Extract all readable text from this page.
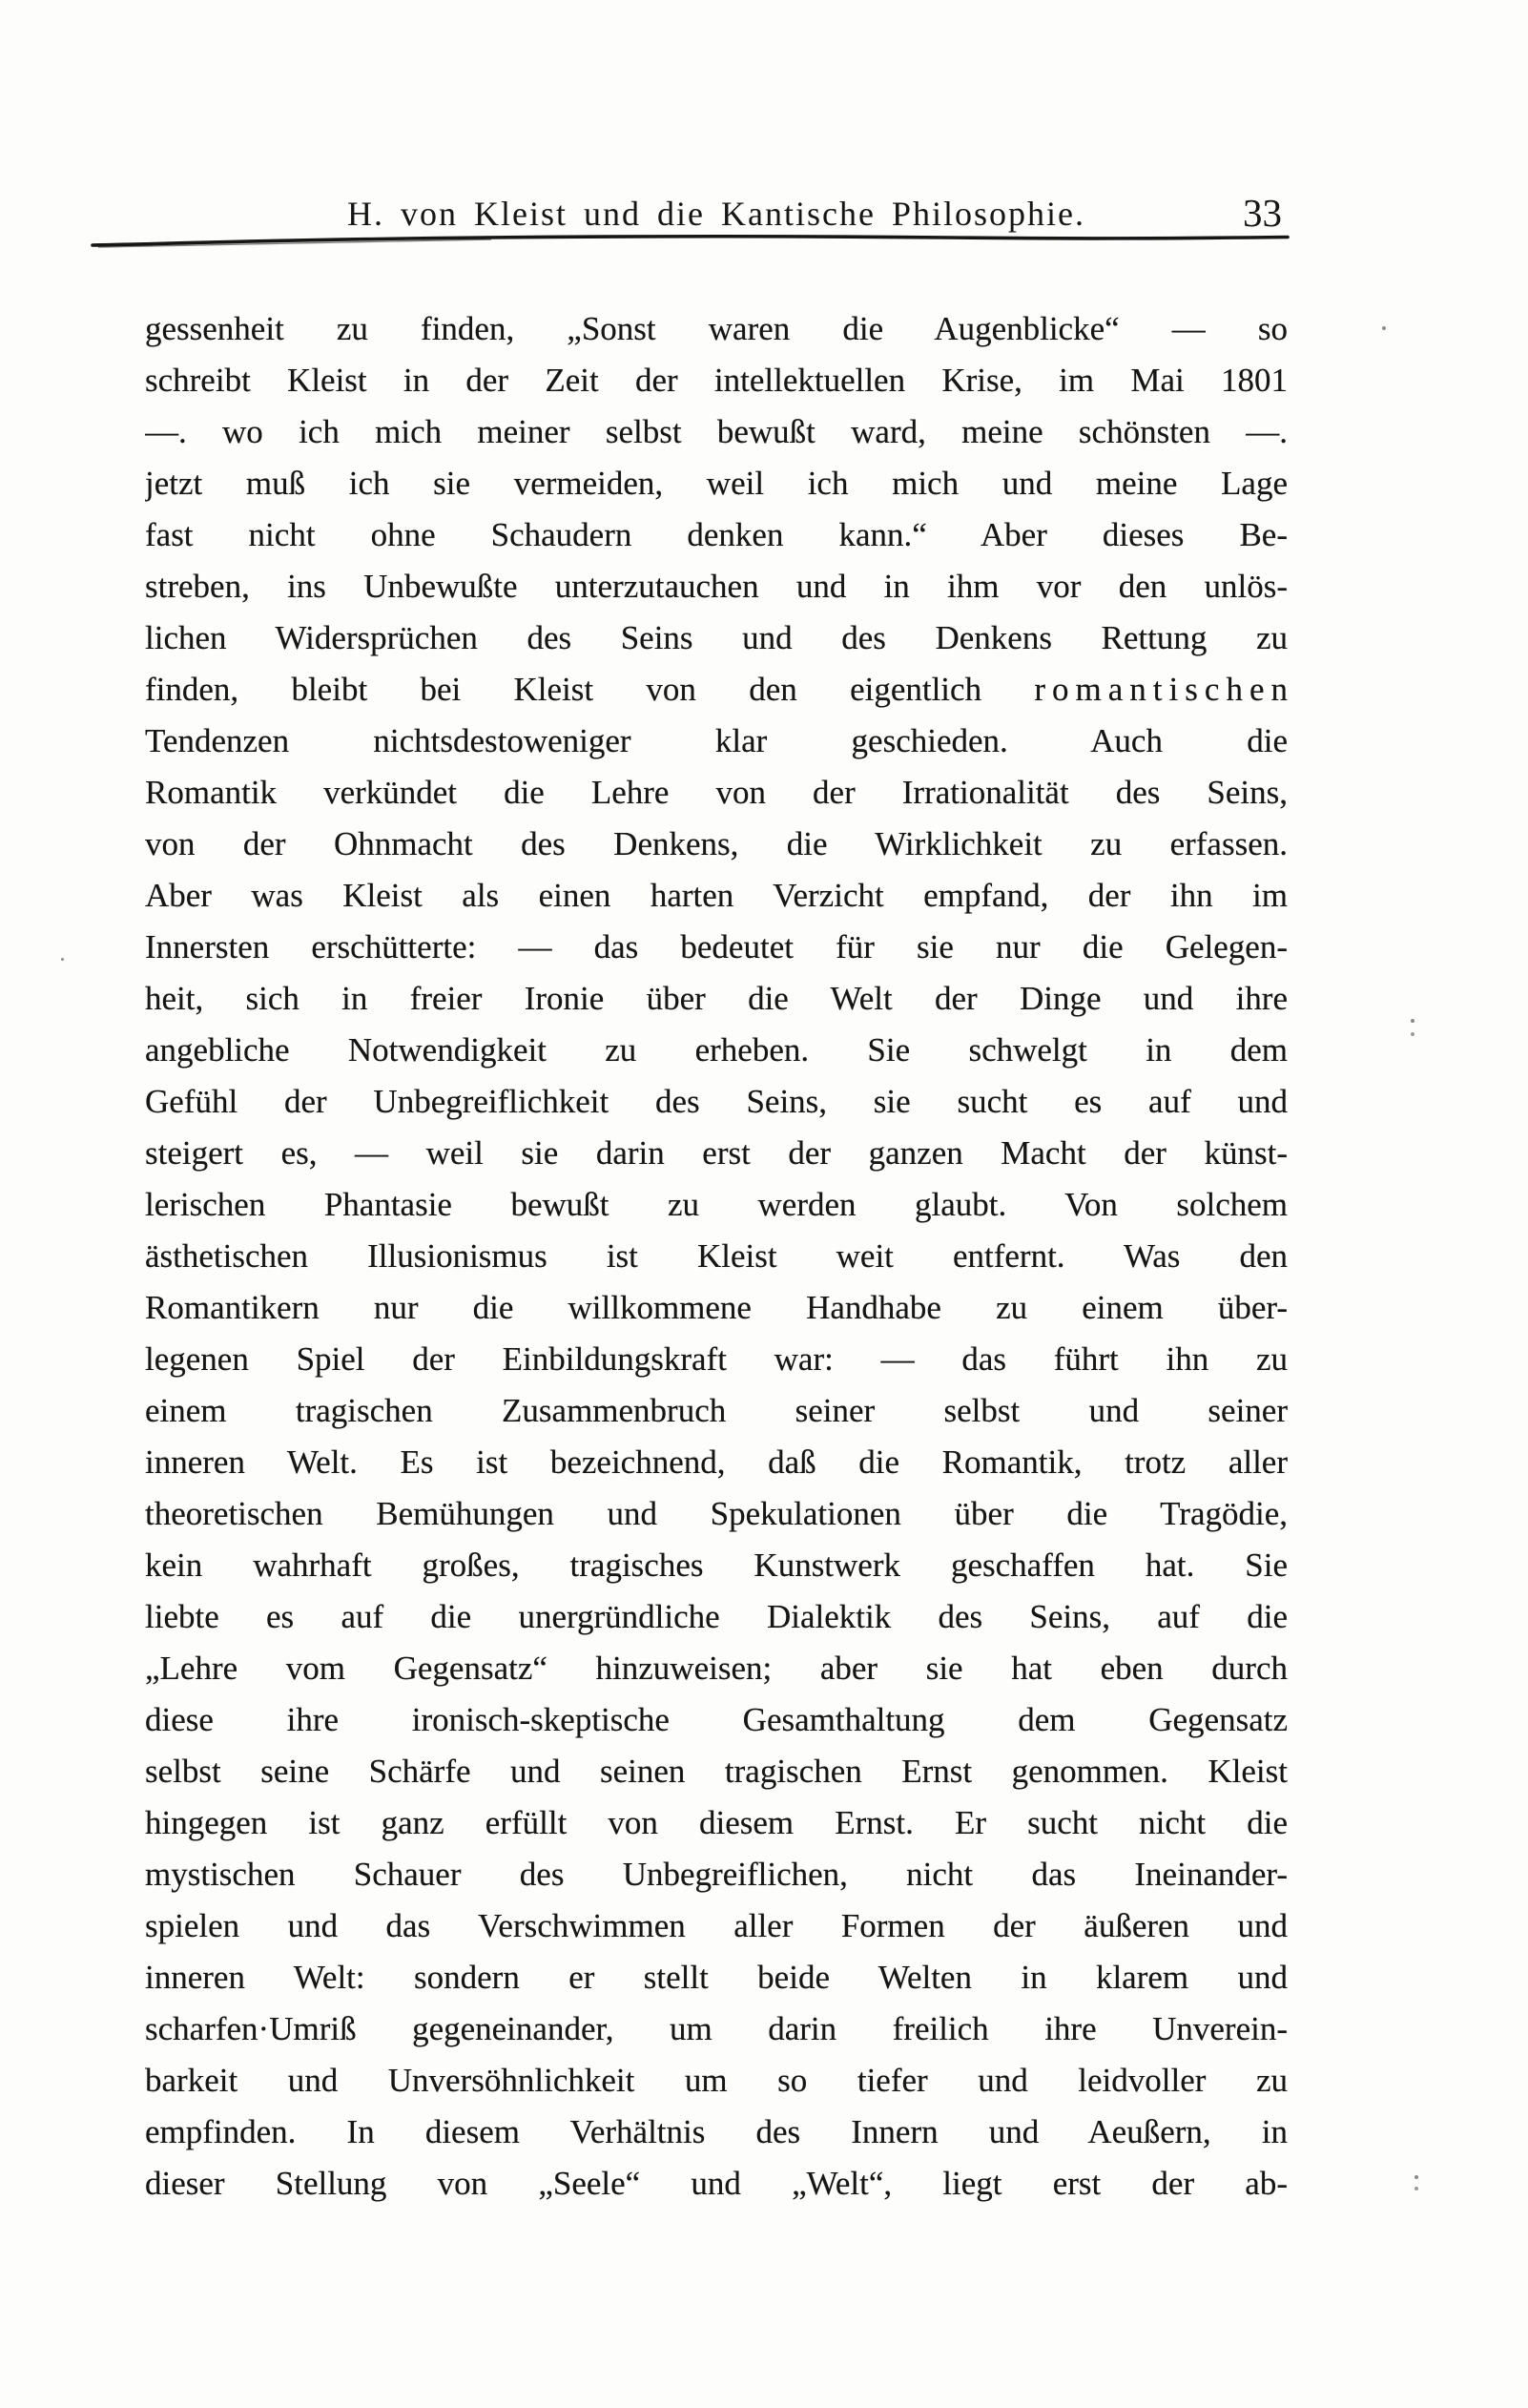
H. von Kleist und die Kantische Philosophie.	33
gessenheit zu finden, „Sonst waren die Augenblicke“ — so
schreibt Kleist in der Zeit der intellektuellen Krise, im Mai 1801
—. wo ich mich meiner selbst bewußt ward, meine schönsten —.
jetzt muß ich sie vermeiden, weil ich mich und meine Lage
fast nicht ohne Schaudern denken kann.“ Aber dieses Be-
streben, ins Unbewußte unterzutauchen und in ihm vor den unlös-
lichen Widersprüchen des Seins und des Denkens Rettung zu
finden, bleibt bei Kleist von den eigentlich r o m a n t i s c h e n
Tendenzen nichtsdestoweniger klar geschieden. Auch die
Romantik verkündet die Lehre von der Irrationalität des Seins,
von der Ohnmacht des Denkens, die Wirklichkeit zu erfassen.
Aber was Kleist als einen harten Verzicht empfand, der ihn im
Innersten erschütterte: — das bedeutet für sie nur die Gelegen-
heit, sich in freier Ironie über die Welt der Dinge und ihre
angebliche Notwendigkeit zu erheben. Sie schwelgt in dem
Gefühl der Unbegreiflichkeit des Seins, sie sucht es auf und
steigert es, — weil sie darin erst der ganzen Macht der künst-
lerischen Phantasie bewußt zu werden glaubt. Von solchem
ästhetischen Illusionismus ist Kleist weit entfernt. Was den
Romantikern nur die willkommene Handhabe zu einem über-
legenen Spiel der Einbildungskraft war: — das führt ihn zu
einem tragischen Zusammenbruch seiner selbst und seiner
inneren Welt. Es ist bezeichnend, daß die Romantik, trotz aller
theoretischen Bemühungen und Spekulationen über die Tragödie,
kein wahrhaft großes, tragisches Kunstwerk geschaffen hat. Sie
liebte es auf die unergründliche Dialektik des Seins, auf die
„Lehre vom Gegensatz“ hinzuweisen; aber sie hat eben durch
diese ihre ironisch-skeptische Gesamthaltung dem Gegensatz
selbst seine Schärfe und seinen tragischen Ernst genommen. Kleist
hingegen ist ganz erfüllt von diesem Ernst. Er sucht nicht die
mystischen Schauer des Unbegreiflichen, nicht das Ineinander-
spielen und das Verschwimmen aller Formen der äußeren und
inneren Welt: sondern er stellt beide Welten in klarem und
scharfen·Umriß gegeneinander, um darin freilich ihre Unverein-
barkeit und Unversöhnlichkeit um so tiefer und leidvoller zu
empfinden. In diesem Verhältnis des Innern und Aeußern, in
dieser Stellung von „Seele“ und „Welt“, liegt erst der ab-
